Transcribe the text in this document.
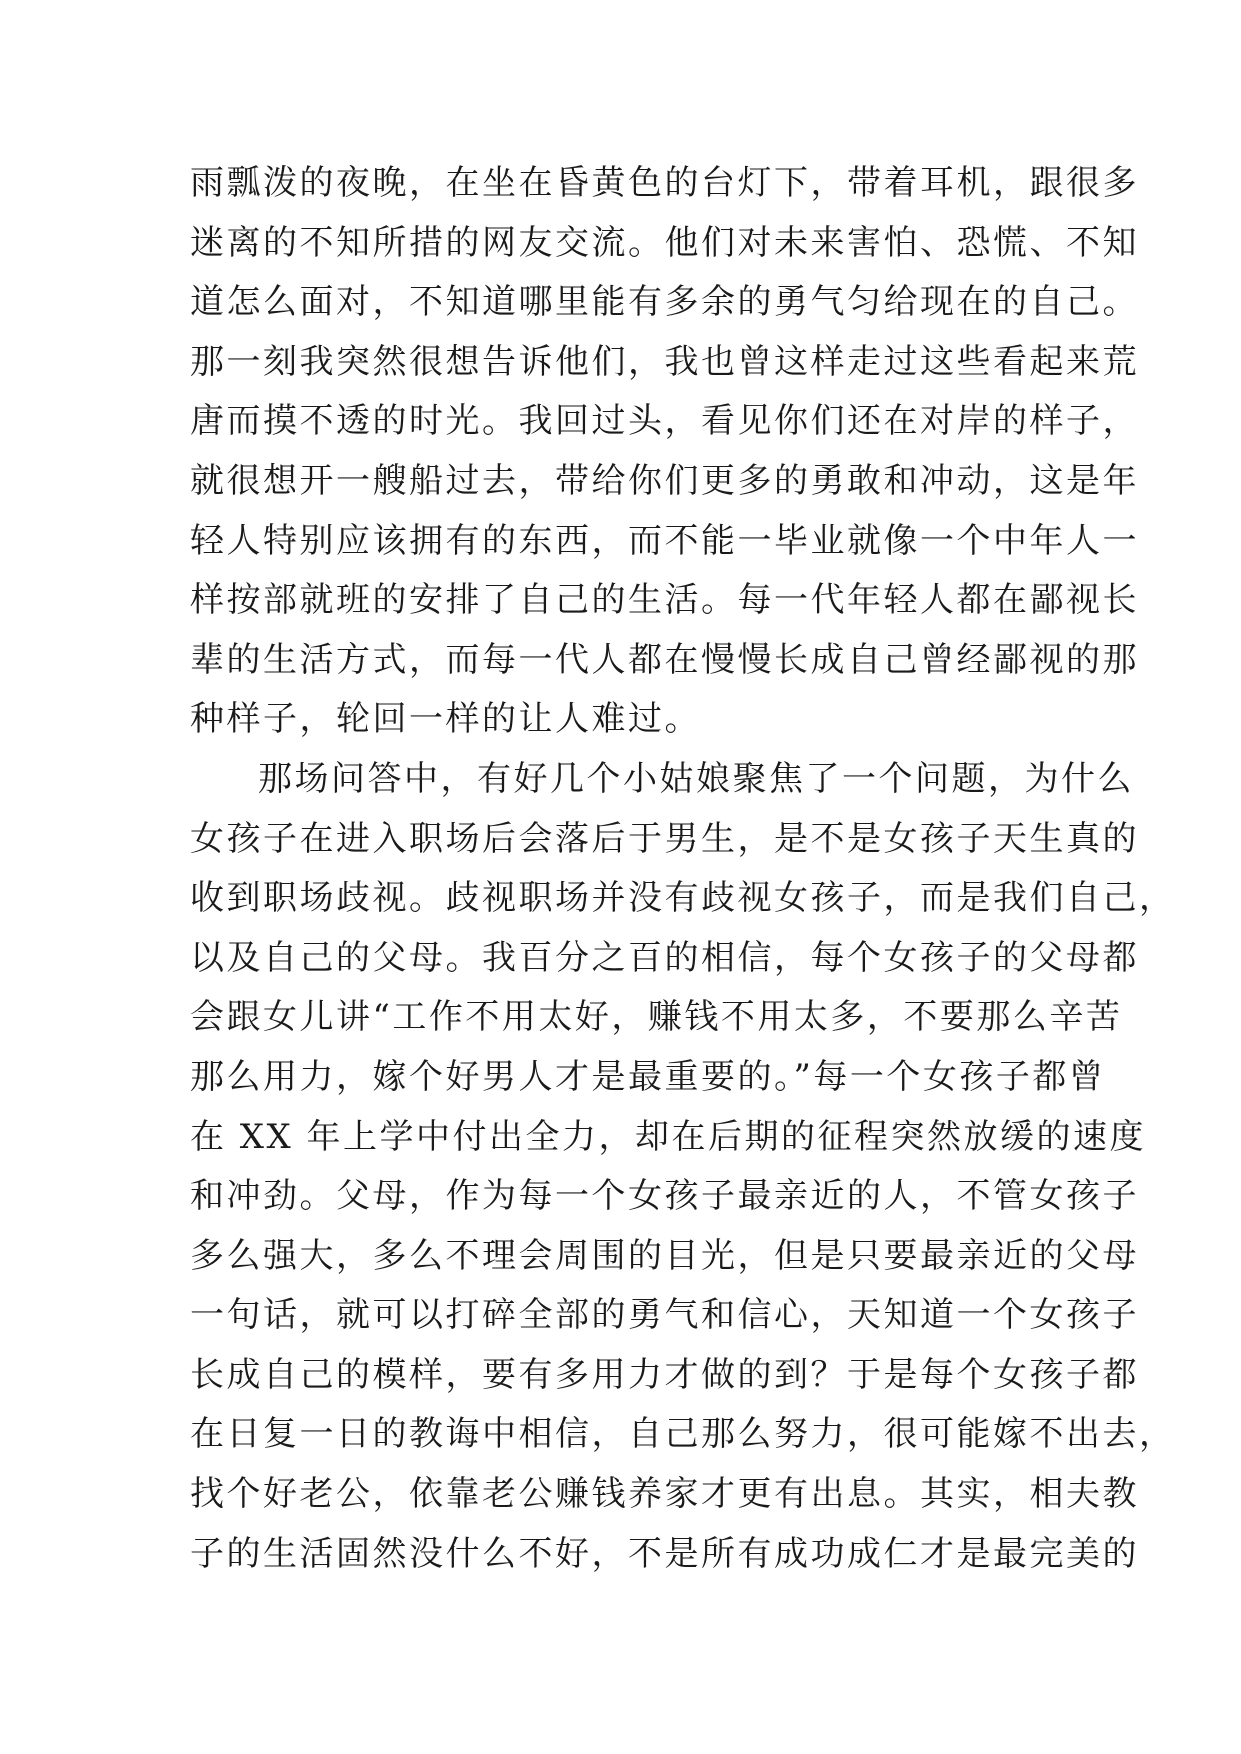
雨瓢泼的夜晚，在坐在昏黄色的台灯下，带着耳机，跟很多

迷离的不知所措的网友交流。他们对未来害怕、恐慌、不知

道怎么面对，不知道哪里能有多余的勇气匀给现在的自己。

那一刻我突然很想告诉他们，我也曾这样走过这些看起来荒

唐而摸不透的时光。我回过头，看见你们还在对岸的样子，

就很想开一艘船过去，带给你们更多的勇敢和冲动，这是年

轻人特别应该拥有的东西，而不能一毕业就像一个中年人一

样按部就班的安排了自己的生活。每一代年轻人都在鄙视长

辈的生活方式，而每一代人都在慢慢长成自己曾经鄙视的那

种样子，轮回一样的让人难过。

那场问答中，有好几个小姑娘聚焦了一个问题，为什么

女孩子在进入职场后会落后于男生，是不是女孩子天生真的

收到职场歧视。歧视职场并没有歧视女孩子，而是我们自己，

以及自己的父母。我百分之百的相信，每个女孩子的父母都

会跟女儿讲“工作不用太好，赚钱不用太多，不要那么辛苦

那么用力，嫁个好男人才是最重要的。”每一个女孩子都曾

在 XX 年上学中付出全力，却在后期的征程突然放缓的速度

和冲劲。父母，作为每一个女孩子最亲近的人，不管女孩子

多么强大，多么不理会周围的目光，但是只要最亲近的父母

一句话，就可以打碎全部的勇气和信心，天知道一个女孩子

长成自己的模样，要有多用力才做的到？于是每个女孩子都

在日复一日的教诲中相信，自己那么努力，很可能嫁不出去，

找个好老公，依靠老公赚钱养家才更有出息。其实，相夫教

子的生活固然没什么不好，不是所有成功成仁才是最完美的
